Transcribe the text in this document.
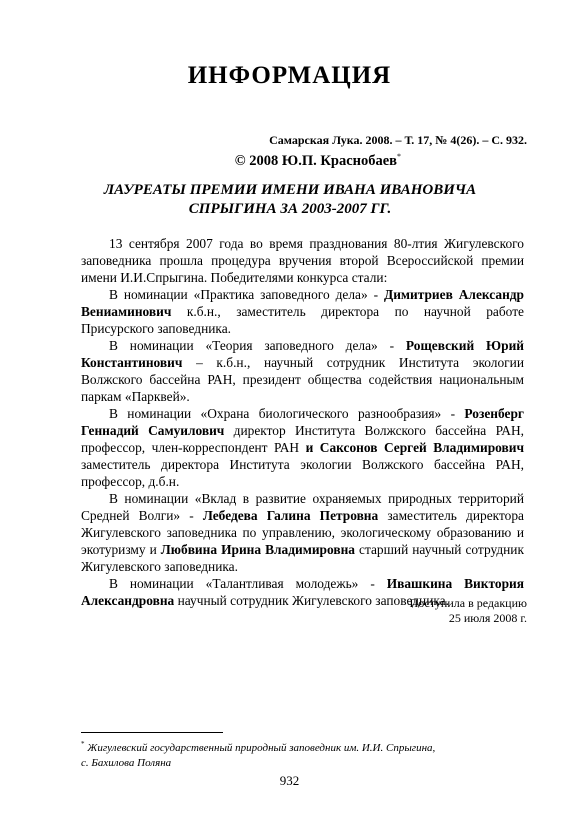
ИНФОРМАЦИЯ
Самарская Лука. 2008. – Т. 17, № 4(26). – С. 932.
© 2008 Ю.П. Краснобаев*
ЛАУРЕАТЫ ПРЕМИИ ИМЕНИ ИВАНА ИВАНОВИЧА
СПРЫГИНА ЗА 2003-2007 ГГ.

13 сентября 2007 года во время празднования 80-лтия Жигулевского заповедника прошла процедура вручения второй Всероссийской премии имени И.И.Спрыгина. Победителями конкурса стали:

В номинации «Практика заповедного дела» - Димитриев Александр Вениаминович к.б.н., заместитель директора по научной работе Присурского заповедника.

В номинации «Теория заповедного дела» - Рощевский Юрий Константинович – к.б.н., научный сотрудник Института экологии Волжского бассейна РАН, президент общества содействия национальным паркам «Парквей».

В номинации «Охрана биологического разнообразия» - Розенберг Геннадий Самуилович директор Института Волжского бассейна РАН, профессор, член-корреспондент РАН и Саксонов Сергей Владимирович заместитель директора Института экологии Волжского бассейна РАН, профессор, д.б.н.

В номинации «Вклад в развитие охраняемых природных территорий Средней Волги» - Лебедева Галина Петровна заместитель директора Жигулевского заповедника по управлению, экологическому образованию и экотуризму и Любвина Ирина Владимировна старший научный сотрудник Жигулевского заповедника.

В номинации «Талантливая молодежь» - Ивашкина Виктория Александровна научный сотрудник Жигулевского заповедника.

Поступила в редакцию
25 июля 2008 г.
* Жигулевский государственный природный заповедник им. И.И. Спрыгина,
с. Бахилова Поляна
932
